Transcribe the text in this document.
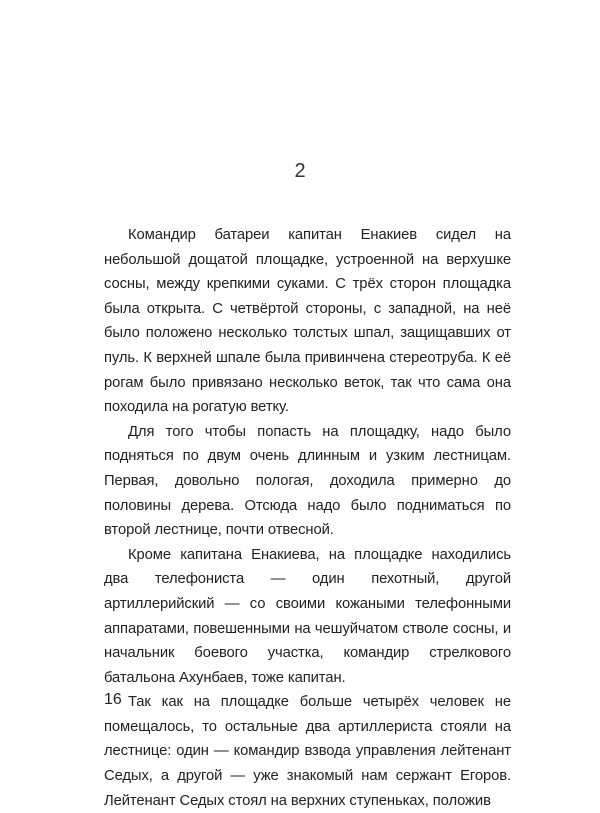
2

Командир батареи капитан Енакиев сидел на небольшой дощатой площадке, устроенной на верхушке сосны, между крепкими суками. С трёх сторон площадка была открыта. С четвёртой стороны, с западной, на неё было положено несколько толстых шпал, защищавших от пуль. К верхней шпале была привинчена стереотруба. К её рогам было привязано несколько веток, так что сама она походила на рогатую ветку.

Для того чтобы попасть на площадку, надо было подняться по двум очень длинным и узким лестницам. Первая, довольно пологая, доходила примерно до половины дерева. Отсюда надо было подниматься по второй лестнице, почти отвесной.

Кроме капитана Енакиева, на площадке находились два телефониста — один пехотный, другой артиллерийский — со своими кожаными телефонными аппаратами, повешенными на чешуйчатом стволе сосны, и начальник боевого участка, командир стрелкового батальона Ахунбаев, тоже капитан.

Так как на площадке больше четырёх человек не помещалось, то остальные два артиллериста стояли на лестнице: один — командир взвода управления лейтенант Седых, а другой — уже знакомый нам сержант Егоров. Лейтенант Седых стоял на верхних ступеньках, положив

16
